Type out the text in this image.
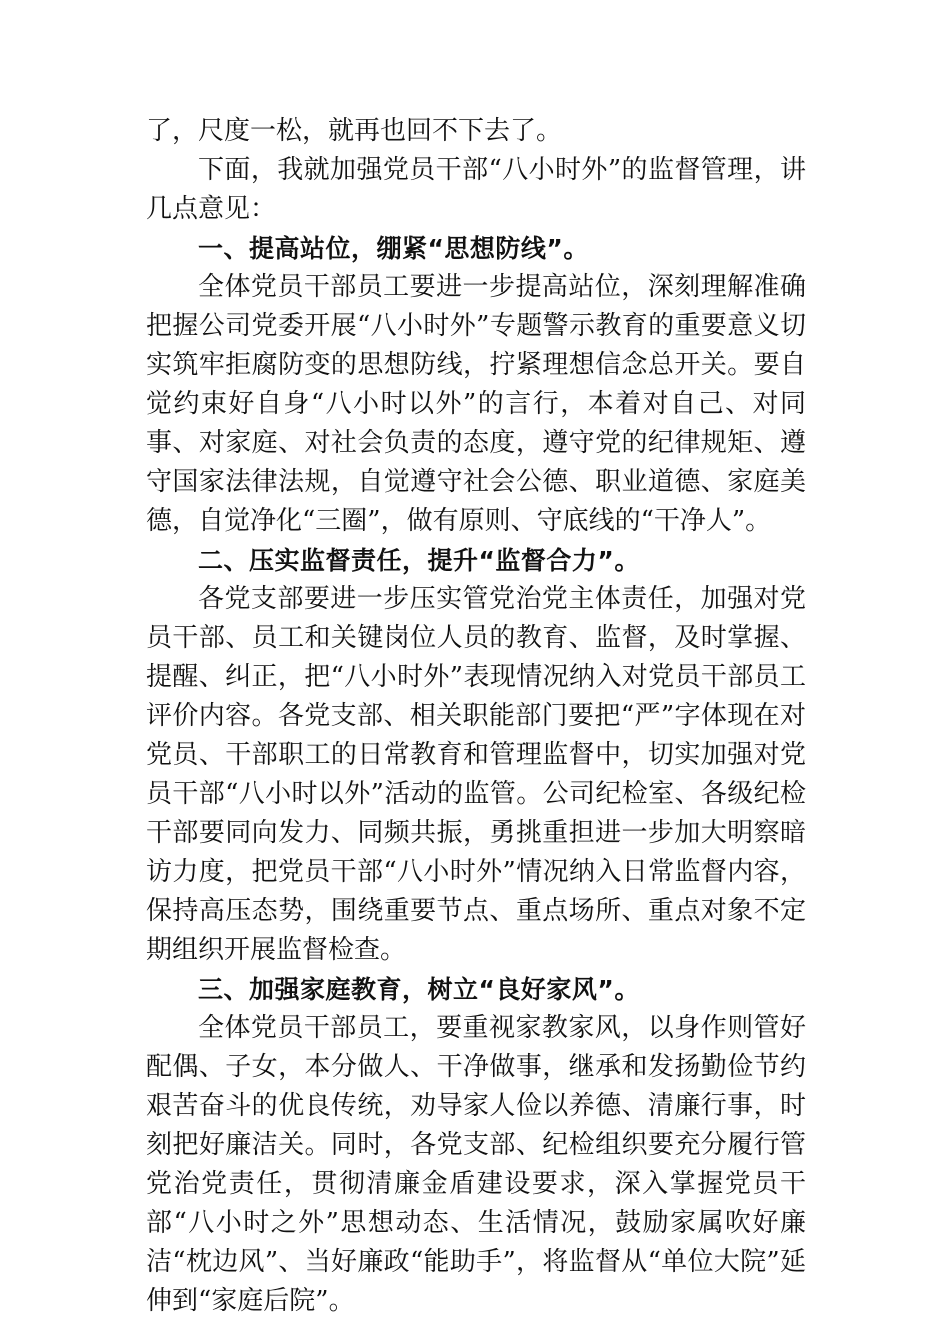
了，尺度一松，就再也回不下去了。

下面，我就加强党员干部“八小时外”的监督管理，讲几点意见：

一、提高站位，绷紧“思想防线”。

全体党员干部员工要进一步提高站位，深刻理解准确把握公司党委开展“八小时外”专题警示教育的重要意义切实筑牢拒腐防变的思想防线，拧紧理想信念总开关。要自觉约束好自身“八小时以外”的言行，本着对自己、对同事、对家庭、对社会负责的态度，遵守党的纪律规矩、遵守国家法律法规，自觉遵守社会公德、职业道德、家庭美德，自觉净化“三圈”，做有原则、守底线的“干净人”。

二、压实监督责任，提升“监督合力”。

各党支部要进一步压实管党治党主体责任，加强对党员干部、员工和关键岗位人员的教育、监督，及时掌握、提醒、纠正，把“八小时外”表现情况纳入对党员干部员工评价内容。各党支部、相关职能部门要把“严”字体现在对党员、干部职工的日常教育和管理监督中，切实加强对党员干部“八小时以外”活动的监管。公司纪检室、各级纪检干部要同向发力、同频共振，勇挑重担进一步加大明察暗访力度，把党员干部“八小时外”情况纳入日常监督内容，保持高压态势，围绕重要节点、重点场所、重点对象不定期组织开展监督检查。

三、加强家庭教育，树立“良好家风”。

全体党员干部员工，要重视家教家风，以身作则管好配偶、子女，本分做人、干净做事，继承和发扬勤俭节约艰苦奋斗的优良传统，劝导家人俭以养德、清廉行事，时刻把好廉洁关。同时，各党支部、纪检组织要充分履行管党治党责任，贯彻清廉金盾建设要求，深入掌握党员干部“八小时之外”思想动态、生活情况，鼓励家属吹好廉洁“枕边风”、当好廉政“能助手”，将监督从“单位大院”延伸到“家庭后院”。
